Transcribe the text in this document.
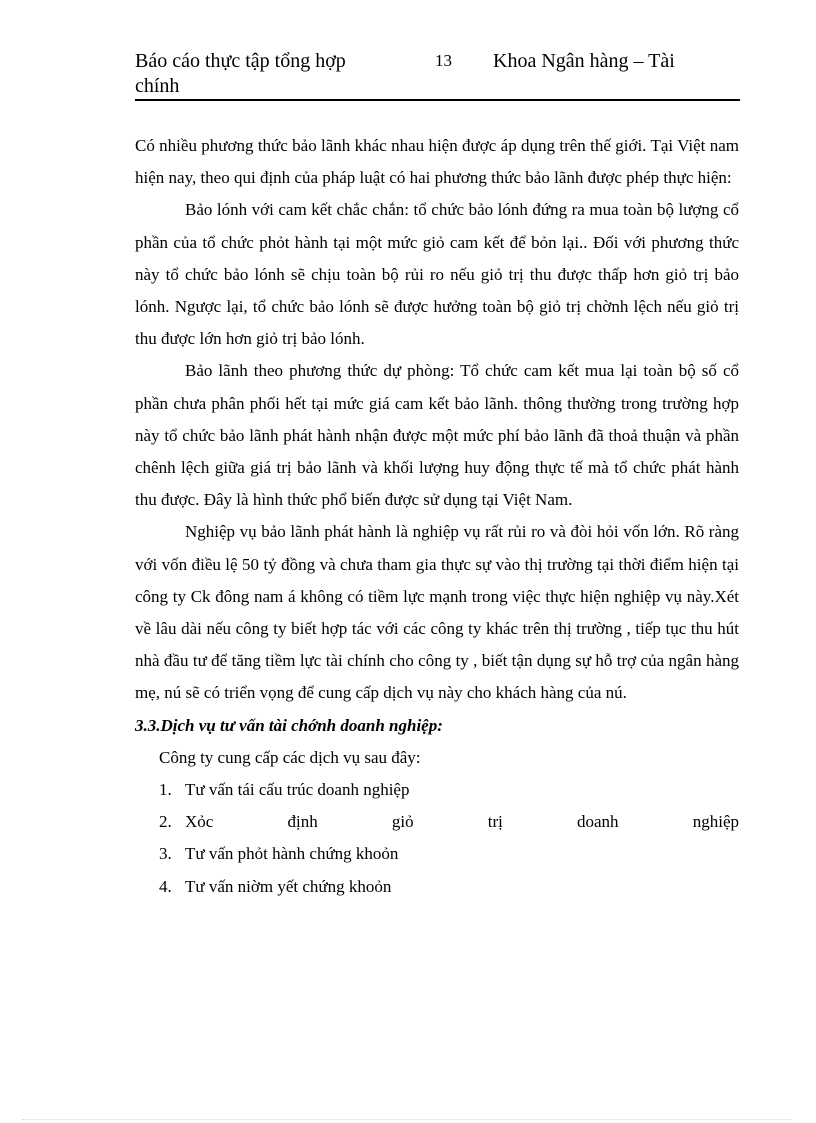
Báo cáo thực tập tổng hợp chính
13 Khoa Ngân hàng – Tài

Có nhiều phương thức bảo lãnh khác nhau hiện được áp dụng trên thế giới. Tại Việt nam hiện nay, theo qui định của pháp luật có hai phương thức bảo lãnh được phép thực hiện:

Bảo lónh với cam kết chắc chắn: tổ chức bảo lónh đứng ra mua toàn bộ lượng cổ phần của tổ chức phỏt hành tại một mức giỏ cam kết để bỏn lại.. Đối với phương thức này tổ chức bảo lónh sẽ chịu toàn bộ rủi ro nếu giỏ trị thu được thấp hơn giỏ trị bảo lónh. Ngược lại, tổ chức bảo lónh sẽ được hưởng toàn bộ giỏ trị chờnh lệch nếu giỏ trị thu được lớn hơn giỏ trị bảo lónh.

Bảo lãnh theo phương thức dự phòng: Tổ chức cam kết mua lại toàn bộ số cổ phần chưa phân phối hết tại mức giá cam kết bảo lãnh. thông thường trong trường hợp này tổ chức bảo lãnh phát hành nhận được một mức phí bảo lãnh đã thoả thuận và phần chênh lệch giữa giá trị bảo lãnh và khối lượng huy động thực tế mà tổ chức phát hành thu được. Đây là hình thức phổ biến được sử dụng tại Việt Nam.

Nghiệp vụ bảo lãnh phát hành là nghiệp vụ rất rủi ro và đòi hỏi vốn lớn. Rõ ràng với vốn điều lệ 50 tỷ đồng và chưa tham gia thực sự vào thị trường tại thời điểm hiện tại công ty Ck đông nam á không có tiềm lực mạnh trong việc thực hiện nghiệp vụ này.Xét về lâu dài nếu công ty biết hợp tác với các công ty khác trên thị trường , tiếp tục thu hút nhà đầu tư để tăng tiềm lực tài chính cho công ty , biết tận dụng sự hỗ trợ của ngân hàng mẹ, nú sẽ có triển vọng để cung cấp dịch vụ này cho khách hàng của nú.

3.3.Dịch vụ tư vấn tài chớnh doanh nghiệp:

Công ty cung cấp các dịch vụ sau đây:

1. Tư vấn tái cấu trúc doanh nghiệp
2. Xỏc định giỏ trị doanh nghiệp
3. Tư vấn phỏt hành chứng khoỏn
4. Tư vấn niờm yết chứng khoỏn
